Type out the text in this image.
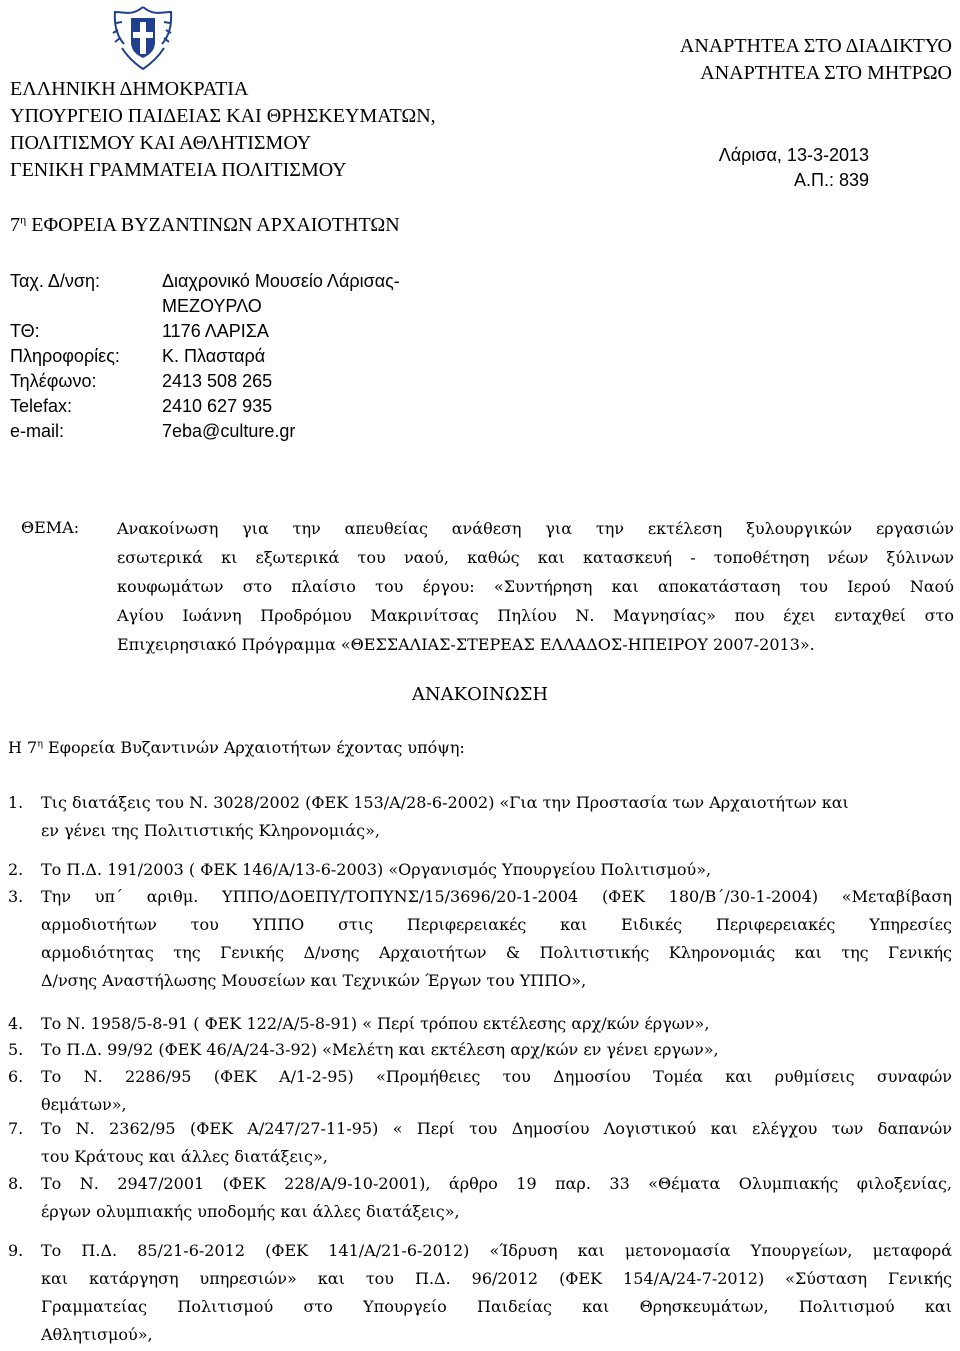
ΕΛΛΗΝΙΚΗ ΔΗΜΟΚΡΑΤΙΑ
ΥΠΟΥΡΓΕΙΟ ΠΑΙΔΕΙΑΣ ΚΑΙ ΘΡΗΣΚΕΥΜΑΤΩΝ,
ΠΟΛΙΤΙΣΜΟΥ ΚΑΙ ΑΘΛΗΤΙΣΜΟΥ
ΓΕΝΙΚΗ ΓΡΑΜΜΑΤΕΙΑ ΠΟΛΙΤΙΣΜΟΥ
$7^\eta$ ΕΦΟΡΕΙΑ ΒΥΖΑΝΤΙΝΩΝ ΑΡΧΑΙΟΤΗΤΩΝ
ΑΝΑΡΤΗΤΕΑ ΣΤΟ ΔΙΑΔΙΚΤΥΟ
ΑΝΑΡΤΗΤΕΑ ΣΤΟ ΜΗΤΡΩΟ
Λάρισα, 13-3-2013
Α.Π.: 839
Ταχ. Δ/νση:	Διαχρονικό Μουσείο Λάρισας-
ΜΕΖΟΥΡΛΟ
ΤΘ:	1176 ΛΑΡΙΣΑ
Πληροφορίες: Κ. Πλασταρά
Τηλέφωνο:	2413 508 265
Telefax:	2410 627 935
e-mail:	7eba@culture.gr
ΘΕΜΑ: Ανακοίνωση για την απευθείας ανάθεση για την εκτέλεση ξυλουργικών εργασιών
εσωτερικά κι εξωτερικά του ναού, καθώς και κατασκευή - τοποθέτηση νέων ξύλινων
κουφωμάτων στο πλαίσιο του έργου: «Συντήρηση και αποκατάσταση του Ιερού Ναού
Αγίου Ιωάννη Προδρόμου Μακρινίτσας Πηλίου Ν. Μαγνησίας» που έχει ενταχθεί στο
Επιχειρησιακό Πρόγραμμα «ΘΕΣΣΑΛΙΑΣ-ΣΤΕΡΕΑΣ ΕΛΛΑΔΟΣ-ΗΠΕΙΡΟΥ 2007-2013».
ΑΝΑΚΟΙΝΩΣΗ
Η $7^\eta$ Εφορεία Βυζαντινών Αρχαιοτήτων έχοντας υπόψη:
1. Τις διατάξεις του Ν. 3028/2002 (ΦΕΚ 153/Α/28-6-2002) «Για την Προστασία των Αρχαιοτήτων και
εν γένει της Πολιτιστικής Κληρονομιάς»,
2. Το Π.Δ. 191/2003 ( ΦΕΚ 146/Α/13-6-2003) «Οργανισμός Υπουργείου Πολιτισμού»,
3. Την υπ΄ αριθμ. ΥΠΠΟ/ΔΟΕΠΥ/ΤΟΠΥΝΣ/15/3696/20-1-2004 (ΦΕΚ 180/Β΄/30-1-2004) «Μεταβίβαση
αρμοδιοτήτων του ΥΠΠΟ στις Περιφερειακές και Ειδικές Περιφερειακές Υπηρεσίες
αρμοδιότητας της Γενικής Δ/νσης Αρχαιοτήτων & Πολιτιστικής Κληρονομιάς και της Γενικής
Δ/νσης Αναστήλωσης Μουσείων και Τεχνικών Έργων του ΥΠΠΟ»,
4. Το Ν. 1958/5-8-91 ( ΦΕΚ 122/Α/5-8-91) « Περί τρόπου εκτέλεσης αρχ/κών έργων»,
5. Το Π.Δ. 99/92 (ΦΕΚ 46/Α/24-3-92) «Μελέτη και εκτέλεση αρχ/κών εν γένει εργων»,
6. Το Ν. 2286/95 (ΦΕΚ Α/1-2-95) «Προμήθειες του Δημοσίου Τομέα και ρυθμίσεις συναφών
θεμάτων»,
7. Το Ν. 2362/95 (ΦΕΚ Α/247/27-11-95) « Περί του Δημοσίου Λογιστικού και ελέγχου των δαπανών
του Κράτους και άλλες διατάξεις»,
8. Το Ν. 2947/2001 (ΦΕΚ 228/Α/9-10-2001), άρθρο 19 παρ. 33 «Θέματα Ολυμπιακής φιλοξενίας,
έργων ολυμπιακής υποδομής και άλλες διατάξεις»,
9. Το Π.Δ. 85/21-6-2012 (ΦΕΚ 141/Α/21-6-2012) «Ίδρυση και μετονομασία Υπουργείων, μεταφορά
και κατάργηση υπηρεσιών» και του Π.Δ. 96/2012 (ΦΕΚ 154/Α/24-7-2012) «Σύσταση Γενικής
Γραμματείας Πολιτισμού στο Υπουργείο Παιδείας και Θρησκευμάτων, Πολιτισμού και
Αθλητισμού»,
